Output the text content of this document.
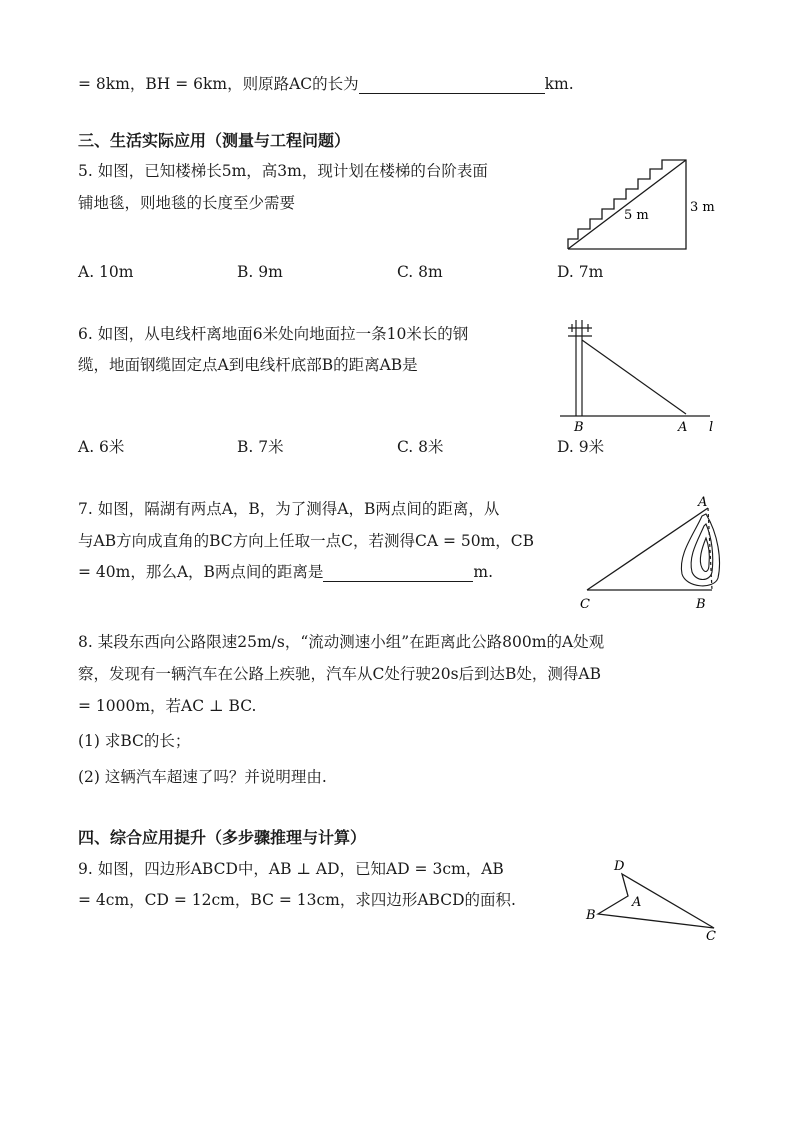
= 8km，BH = 6km，则原路AC的长为	km.
三、生活实际应用（测量与工程问题）
5. 如图，已知楼梯长5m，高3m，现计划在楼梯的台阶表面
铺地毯，则地毯的长度至少需要
5 m
3 m
A. 10m	B. 9m	C. 8m	D. 7m
6. 如图，从电线杆离地面6米处向地面拉一条10米长的钢
缆，地面钢缆固定点A到电线杆底部B的距离AB是
B	A l
A. 6米	B. 7米	C. 8米	D. 9米
7. 如图，隔湖有两点A，B，为了测得A，B两点间的距离，从
与AB方向成直角的BC方向上任取一点C，若测得CA = 50m，CB
= 40m，那么A，B两点间的距离是	m.
A
B
C
8. 某段东西向公路限速25m/s，“流动测速小组”在距离此公路800m的A处观
察，发现有一辆汽车在公路上疾驰，汽车从C处行驶20s后到达B处，测得AB
= 1000m，若AC ⊥ BC.
(1) 求BC的长；
(2) 这辆汽车超速了吗？并说明理由.
四、综合应用提升（多步骤推理与计算）
9. 如图，四边形ABCD中，AB ⊥ AD，已知AD = 3cm，AB
= 4cm，CD = 12cm，BC = 13cm，求四边形ABCD的面积.
D
A
B
C
